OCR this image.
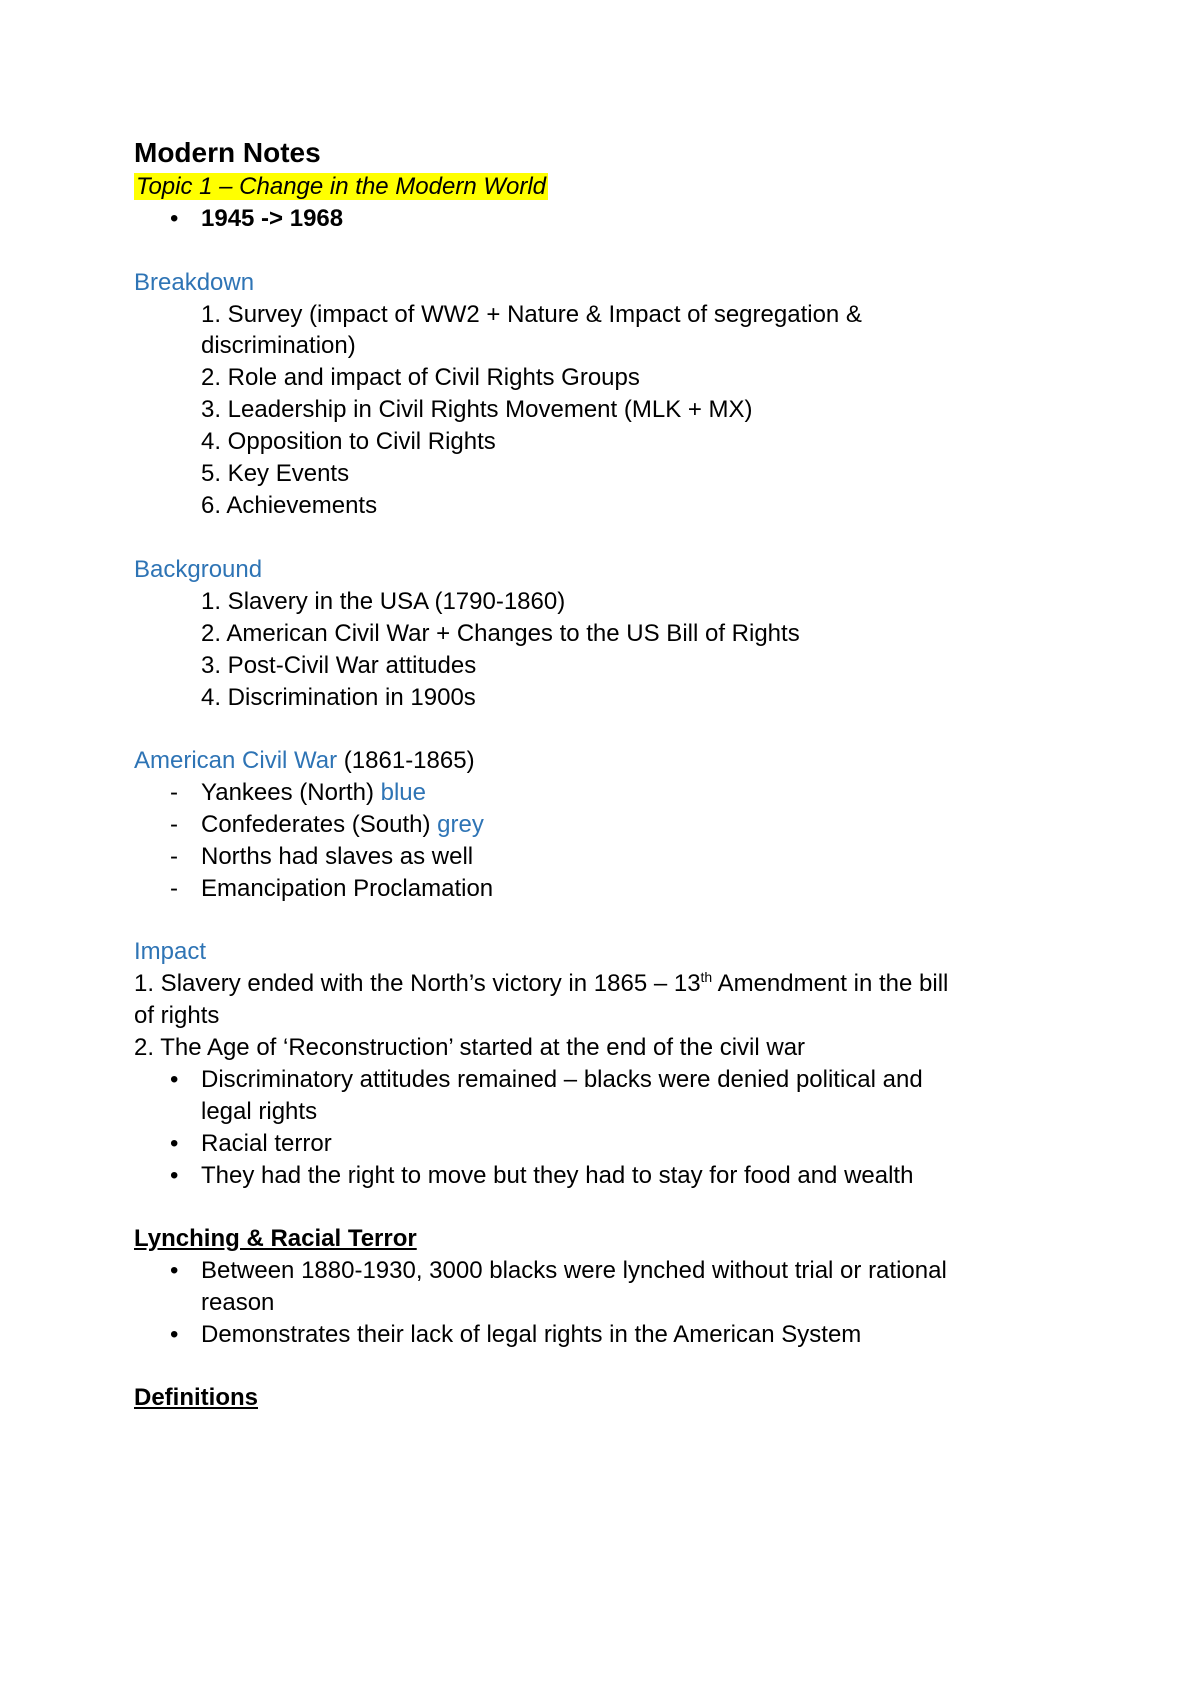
Modern Notes
Topic 1 – Change in the Modern World
• 1945 -> 1968
Breakdown
1. Survey (impact of WW2 + Nature & Impact of segregation &
discrimination)
2. Role and impact of Civil Rights Groups
3. Leadership in Civil Rights Movement (MLK + MX)
4. Opposition to Civil Rights
5. Key Events
6. Achievements
Background
1. Slavery in the USA (1790-1860)
2. American Civil War + Changes to the US Bill of Rights
3. Post-Civil War attitudes
4. Discrimination in 1900s
American Civil War (1861-1865)
- Yankees (North) blue
- Confederates (South) grey
- Norths had slaves as well
- Emancipation Proclamation
Impact
1. Slavery ended with the North’s victory in 1865 – 13th Amendment in the bill
of rights
2. The Age of ‘Reconstruction’ started at the end of the civil war
• Discriminatory attitudes remained – blacks were denied political and
legal rights
• Racial terror
• They had the right to move but they had to stay for food and wealth
Lynching & Racial Terror
• Between 1880-1930, 3000 blacks were lynched without trial or rational
reason
• Demonstrates their lack of legal rights in the American System
Definitions
